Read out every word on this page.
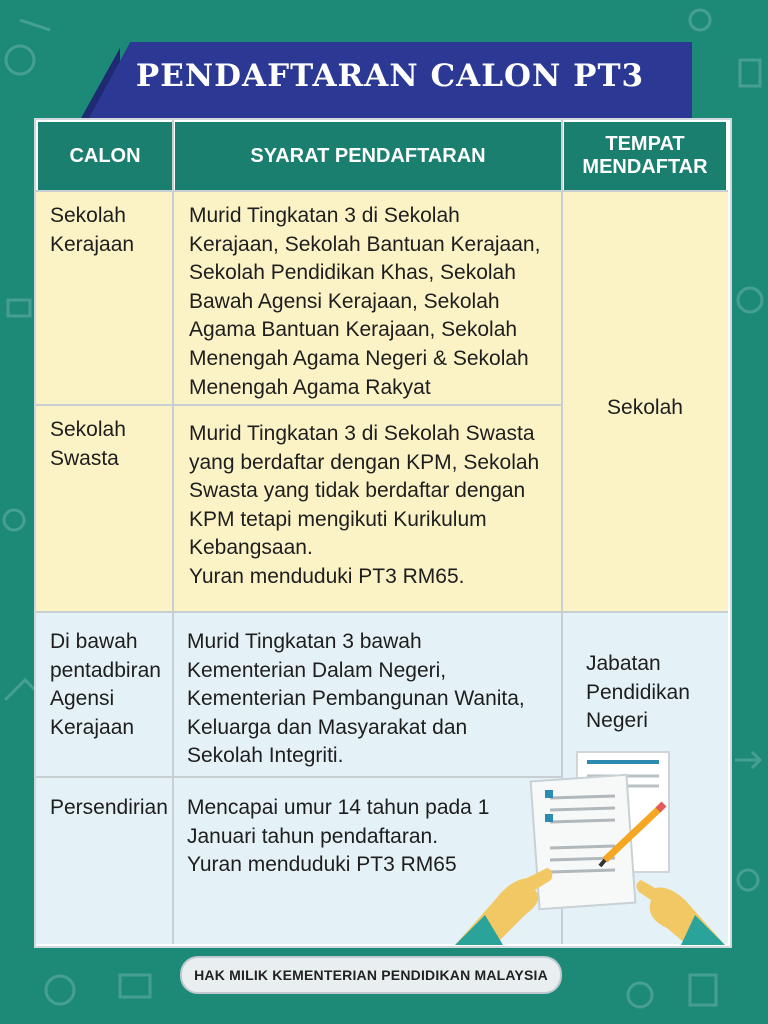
PENDAFTARAN CALON PT3
CALON	SYARAT PENDAFTARAN
TEMPAT
MENDAFTAR
Sekolah
Kerajaan
Murid Tingkatan 3 di Sekolah
Kerajaan, Sekolah Bantuan Kerajaan,
Sekolah Pendidikan Khas, Sekolah
Bawah Agensi Kerajaan, Sekolah
Agama Bantuan Kerajaan, Sekolah
Menengah Agama Negeri & Sekolah
Menengah Agama Rakyat
Sekolah
Swasta
Murid Tingkatan 3 di Sekolah Swasta
yang berdaftar dengan KPM, Sekolah
Swasta yang tidak berdaftar dengan
KPM tetapi mengikuti Kurikulum
Kebangsaan.
Yuran menduduki PT3 RM65.
Di bawah
pentadbiran
Agensi
Kerajaan
Murid Tingkatan 3 bawah
Kementerian Dalam Negeri,
Kementerian Pembangunan Wanita,
Keluarga dan Masyarakat dan
Sekolah Integriti.
Persendirian Mencapai umur 14 tahun pada 1
Januari tahun pendaftaran.
Yuran menduduki PT3 RM65
Sekolah
Jabatan
Pendidikan
Negeri
HAK MILIK KEMENTERIAN PENDIDIKAN MALAYSIA
